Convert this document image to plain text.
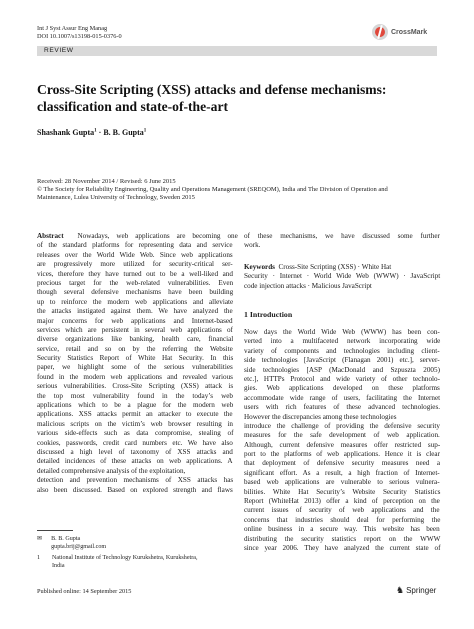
Int J Syst Assur Eng Manag
DOI 10.1007/s13198-015-0376-0
CrossMark
REVIEW
Cross-Site Scripting (XSS) attacks and defense mechanisms:
classification and state-of-the-art
Shashank Gupta$^1$ · B. B. Gupta$^1$
Received: 28 November 2014 / Revised: 6 June 2015
© The Society for Reliability Engineering, Quality and Operations Management (SREQOM), India and The Division of Operation and
Maintenance, Lulea University of Technology, Sweden 2015
Abstract Nowadays, web applications are becoming one
of the standard platforms for representing data and service
releases over the World Wide Web. Since web applications
are progressively more utilized for security-critical ser-
vices, therefore they have turned out to be a well-liked and
precious target for the web-related vulnerabilities. Even
though several defensive mechanisms have been building
up to reinforce the modern web applications and alleviate
the attacks instigated against them. We have analyzed the
major concerns for web applications and Internet-based
services which are persistent in several web applications of
diverse organizations like banking, health care, financial
service, retail and so on by the referring the Website
Security Statistics Report of White Hat Security. In this
paper, we highlight some of the serious vulnerabilities
found in the modern web applications and revealed various
serious vulnerabilities. Cross-Site Scripting (XSS) attack is
the top most vulnerability found in the today’s web
applications which to be a plague for the modern web
applications. XSS attacks permit an attacker to execute the
malicious scripts on the victim’s web browser resulting in
various side-effects such as data compromise, stealing of
cookies, passwords, credit card numbers etc. We have also
discussed a high level of taxonomy of XSS attacks and
detailed incidences of these attacks on web applications. A
detailed comprehensive analysis of the exploitation,
detection and prevention mechanisms of XSS attacks has
also been discussed. Based on explored strength and flaws
of these mechanisms, we have discussed some further
work.
Keywords Cross-Site Scripting (XSS) · White Hat
Security · Internet · World Wide Web (WWW) · JavaScript
code injection attacks · Malicious JavaScript
1 Introduction
Now days the World Wide Web (WWW) has been con-
verted into a multifaceted network incorporating wide
variety of components and technologies including client-
side technologies [JavaScript (Flanagan 2001) etc.], server-
side technologies [ASP (MacDonald and Szpuszta 2005)
etc.], HTTPs Protocol and wide variety of other technolo-
gies. Web applications developed on these platforms
accommodate wide range of users, facilitating the Internet
users with rich features of these advanced technologies.
However the discrepancies among these technologies
introduce the challenge of providing the defensive security
measures for the safe development of web application.
Although, current defensive measures offer restricted sup-
port to the platforms of web applications. Hence it is clear
that deployment of defensive security measures need a
significant effort. As a result, a high fraction of Internet-
based web applications are vulnerable to serious vulnera-
bilities. White Hat Security’s Website Security Statistics
Report (WhiteHat 2013) offer a kind of perception on the
current issues of security of web applications and the
concerns that industries should deal for performing the
online business in a secure way. This website has been
distributing the security statistics report on the WWW
since year 2006. They have analyzed the current state of
✉ B. B. Gupta
gupta.brij@gmail.com
1 National Institute of Technology Kurukshetra, Kurukshetra,
India
Published online: 14 September 2015	♞ Springer
